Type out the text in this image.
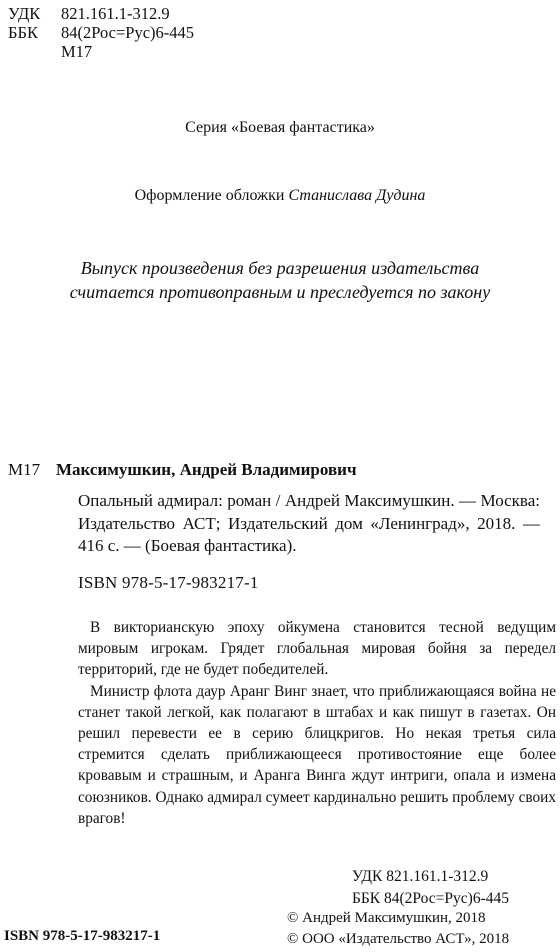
УДК	821.161.1-312.9
ББК	84(2Рос=Рус)6-445
М17
Серия «Боевая фантастика»
Оформление обложки Станислава Дудина
Выпуск произведения без разрешения издательства
считается противоправным и преследуется по закону
М17 Максимушкин, Андрей Владимирович
Опальный адмирал: роман / Андрей Максимушкин. — Москва: Издательство АСТ; Издательский дом «Ленинград», 2018. — 416 с. — (Боевая фантастика).
ISBN 978-5-17-983217-1

В викторианскую эпоху ойкумена становится тесной ведущим мировым игрокам. Грядет глобальная мировая бойня за передел территорий, где не будет победителей.

Министр флота даур Аранг Винг знает, что приближающаяся война не станет такой легкой, как полагают в штабах и как пишут в газетах. Он решил перевести ее в серию блицкригов. Но некая третья сила стремится сделать приближающееся противостояние еще более кровавым и страшным, и Аранга Винга ждут интриги, опала и измена союзников. Однако адмирал сумеет кардинально решить проблему своих врагов!

УДК 821.161.1-312.9
ББК 84(2Рос=Рус)6-445
ISBN 978-5-17-983217-1
© Андрей Максимушкин, 2018
© ООО «Издательство АСТ», 2018
